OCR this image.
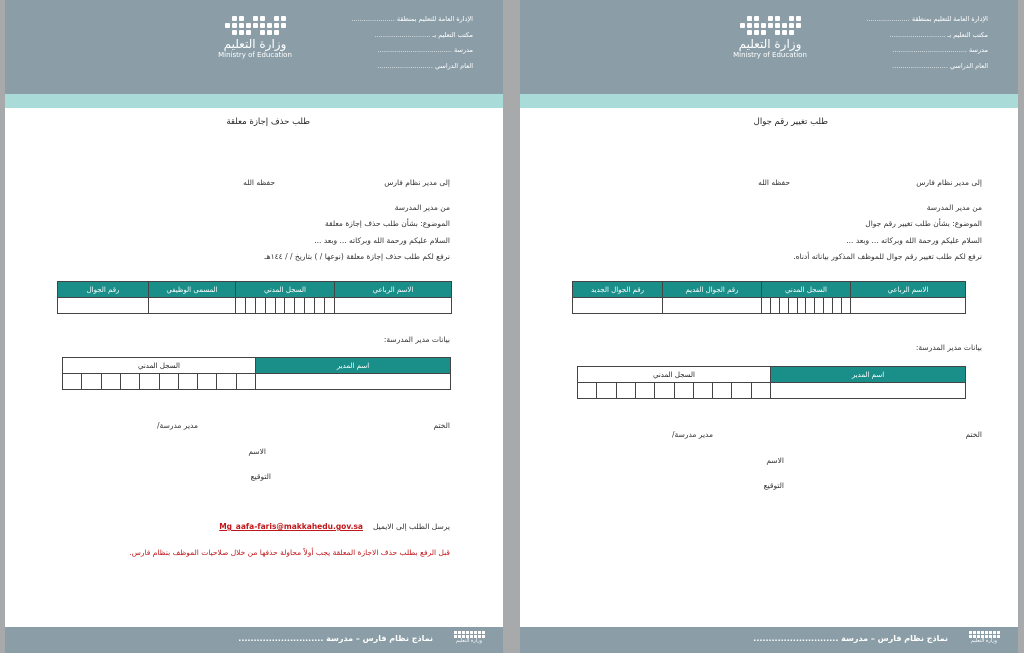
وزارة التعليم
Ministry of Education
الإدارة العامة للتعليم بمنطقة .....................
مكتب التعليم بـ ...........................
مدرسة ....................................
العام الدراسي ...........................
طلب حذف إجازة معلقة
إلى مدير نظام فارس
حفظه الله
من مدير المدرسة
الموضوع: بشأن طلب حذف إجازة معلقة
السلام عليكم ورحمة الله وبركاته ... وبعد ...
نرفع لكم طلب حذف إجازة معلقة (نوعها / ) بتاريخ / / ١٤٤هـ
الاسم الرباعي	السجل المدني	المسمى الوظيفي	رقم الجوال

بيانات مدير المدرسة:
اسم المدير	السجل المدني

الختم
مدير مدرسة/
الاسم
التوقيع
يرسل الطلب إلى الايميل
Mg_aafa-faris@makkahedu.gov.sa
قبل الرفع بطلب حذف الاجازة المعلقة يجب أولاً محاولة حذفها من خلال صلاحيات الموظف بنظام فارس.
نماذج نظام فارس – مدرسة ............................	وزارة التعليم
وزارة التعليم
Ministry of Education
الإدارة العامة للتعليم بمنطقة .....................
مكتب التعليم بـ ...........................
مدرسة ....................................
العام الدراسي ...........................
طلب تغيير رقم جوال
إلى مدير نظام فارس
حفظه الله
من مدير المدرسة
الموضوع: بشأن طلب تغيير رقم جوال
السلام عليكم ورحمة الله وبركاته ... وبعد ...
نرفع لكم طلب تغيير رقم جوال للموظف المذكور بياناته أدناه.
الاسم الرباعي	السجل المدني	رقم الجوال القديم	رقم الجوال الجديد

بيانات مدير المدرسة:
اسم المدير	السجل المدني

الختم
مدير مدرسة/
الاسم
التوقيع
نماذج نظام فارس – مدرسة ............................	وزارة التعليم
